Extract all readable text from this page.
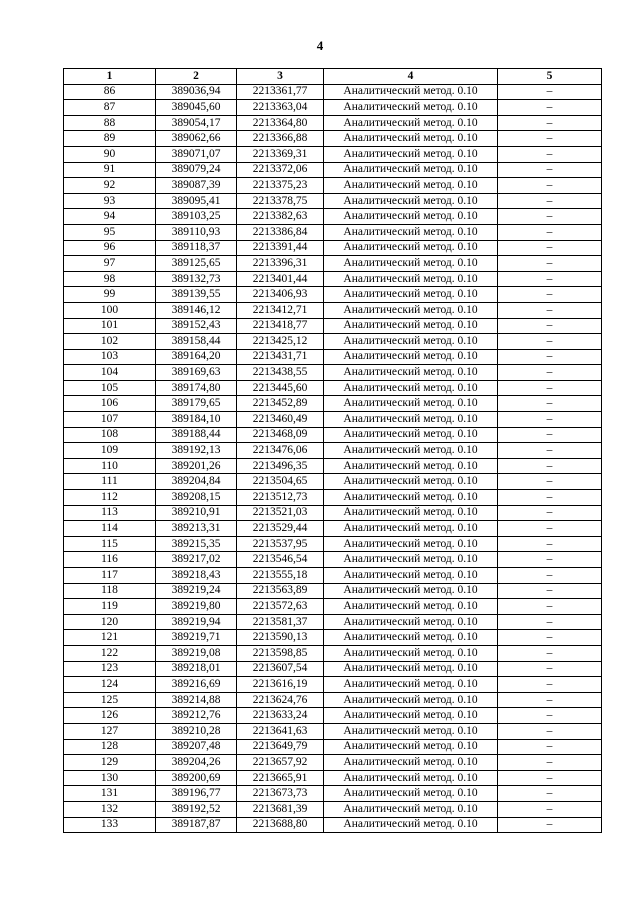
4
1	2	3	4	5
86	389036,94	2213361,77	Аналитический метод. 0.10	–
87	389045,60	2213363,04	Аналитический метод. 0.10	–
88	389054,17	2213364,80	Аналитический метод. 0.10	–
89	389062,66	2213366,88	Аналитический метод. 0.10	–
90	389071,07	2213369,31	Аналитический метод. 0.10	–
91	389079,24	2213372,06	Аналитический метод. 0.10	–
92	389087,39	2213375,23	Аналитический метод. 0.10	–
93	389095,41	2213378,75	Аналитический метод. 0.10	–
94	389103,25	2213382,63	Аналитический метод. 0.10	–
95	389110,93	2213386,84	Аналитический метод. 0.10	–
96	389118,37	2213391,44	Аналитический метод. 0.10	–
97	389125,65	2213396,31	Аналитический метод. 0.10	–
98	389132,73	2213401,44	Аналитический метод. 0.10	–
99	389139,55	2213406,93	Аналитический метод. 0.10	–
100	389146,12	2213412,71	Аналитический метод. 0.10	–
101	389152,43	2213418,77	Аналитический метод. 0.10	–
102	389158,44	2213425,12	Аналитический метод. 0.10	–
103	389164,20	2213431,71	Аналитический метод. 0.10	–
104	389169,63	2213438,55	Аналитический метод. 0.10	–
105	389174,80	2213445,60	Аналитический метод. 0.10	–
106	389179,65	2213452,89	Аналитический метод. 0.10	–
107	389184,10	2213460,49	Аналитический метод. 0.10	–
108	389188,44	2213468,09	Аналитический метод. 0.10	–
109	389192,13	2213476,06	Аналитический метод. 0.10	–
110	389201,26	2213496,35	Аналитический метод. 0.10	–
111	389204,84	2213504,65	Аналитический метод. 0.10	–
112	389208,15	2213512,73	Аналитический метод. 0.10	–
113	389210,91	2213521,03	Аналитический метод. 0.10	–
114	389213,31	2213529,44	Аналитический метод. 0.10	–
115	389215,35	2213537,95	Аналитический метод. 0.10	–
116	389217,02	2213546,54	Аналитический метод. 0.10	–
117	389218,43	2213555,18	Аналитический метод. 0.10	–
118	389219,24	2213563,89	Аналитический метод. 0.10	–
119	389219,80	2213572,63	Аналитический метод. 0.10	–
120	389219,94	2213581,37	Аналитический метод. 0.10	–
121	389219,71	2213590,13	Аналитический метод. 0.10	–
122	389219,08	2213598,85	Аналитический метод. 0.10	–
123	389218,01	2213607,54	Аналитический метод. 0.10	–
124	389216,69	2213616,19	Аналитический метод. 0.10	–
125	389214,88	2213624,76	Аналитический метод. 0.10	–
126	389212,76	2213633,24	Аналитический метод. 0.10	–
127	389210,28	2213641,63	Аналитический метод. 0.10	–
128	389207,48	2213649,79	Аналитический метод. 0.10	–
129	389204,26	2213657,92	Аналитический метод. 0.10	–
130	389200,69	2213665,91	Аналитический метод. 0.10	–
131	389196,77	2213673,73	Аналитический метод. 0.10	–
132	389192,52	2213681,39	Аналитический метод. 0.10	–
133	389187,87	2213688,80	Аналитический метод. 0.10	–
